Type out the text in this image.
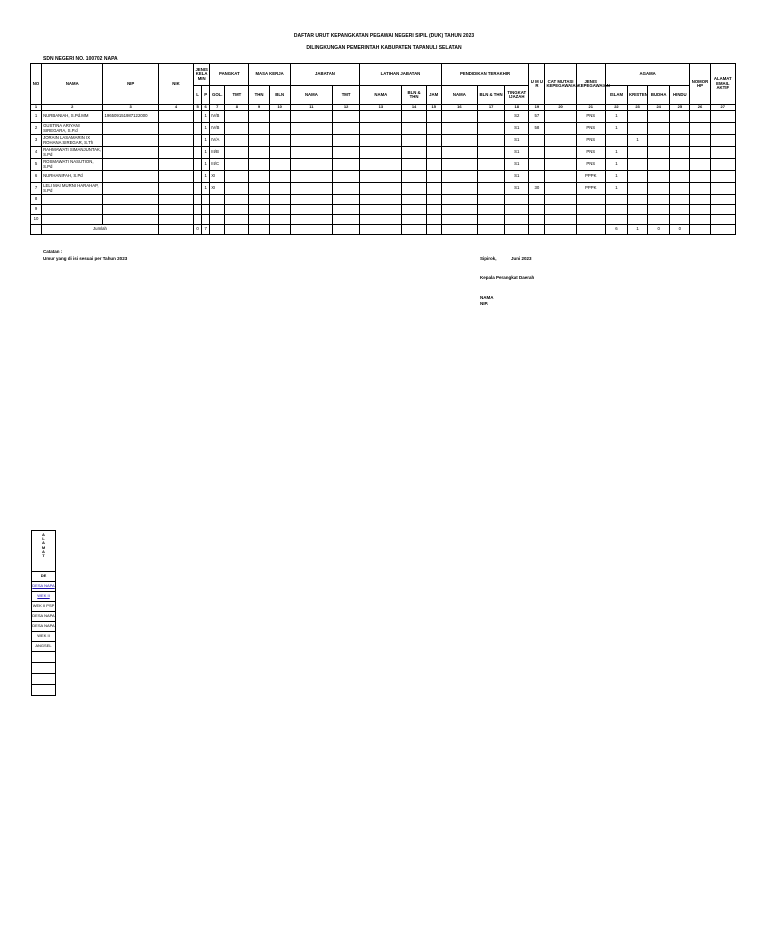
DAFTAR URUT KEPANGKATAN PEGAWAI NEGERI SIPIL (DUK) TAHUN 2023
DILINGKUNGAN PEMERINTAH KABUPATEN TAPANULI SELATAN
SDN NEGERI NO. 100702 NAPA
NO	NAMA	NIP	NIK	JENIS KELA MIN		PANGKAT		MASA KERJA		JABATAN		LATIHAN JABATAN			PENDIDIKAN TERAKHIR			U M U R	CAT MUTASI KEPEGAWAIAN	JENIS KEPEGAWAIAN	AGAMA				NOMOR HP	ALAMAT EMAIL AKTIF
				L	P	GOL.	TMT	THN	BLN	NAMA	TMT	NAMA	BLN & THN	JAM	NAMA	BLN & THN	TINGKAT IJAZAH				ISLAM	KRISTEN	BUDHA	HINDU		
1	2	3	4	5	6	7	8	9	10	11	12	13	14	15	16	17	18	19	20	21	22	23	24	25	26	27
1	NURBANIAH, S.Pd.MM	196509151987122000			1	IV/B											S2	57		PNS	1					
2	GUSTINA ARIYANI SIREGARA, S.P.d				1	IV/B											S1	58		PNS	1					
3	JORAIN LASAMARIN IX ROHANA SIREGAR, S.Th				1	IV/A											S1			PNS		1				
4	RAHMAWATI SIMANJUNTAK, S.Pd				1	III/B											S1			PNS	1					
5	ROSMAWATI NASUTION, S.Pd				1	III/C											S1			PNS	1					
6	NURHANIFAH, S.Pd				1	XI											S1			PPPK	1					
7	LELI MAI MURNI HARAHAP, S.Pd				1	XI											S1	30		PPPK	1					
8																										
9																										
10																										
	Jumlah			0	7																6	1	0	0		
Catatan :
Umur yang di isi sesuai per Tahun 2023	Sipirok,	Juni 2023
Kepala Perangkat Daerah
NAMA
NIP.
A
L
A
M
A
T

DE
DESA NAPA
WEK II
WEK II PSP
DESA NAPA
DESA NAPA
WEK II
ANGSEL
